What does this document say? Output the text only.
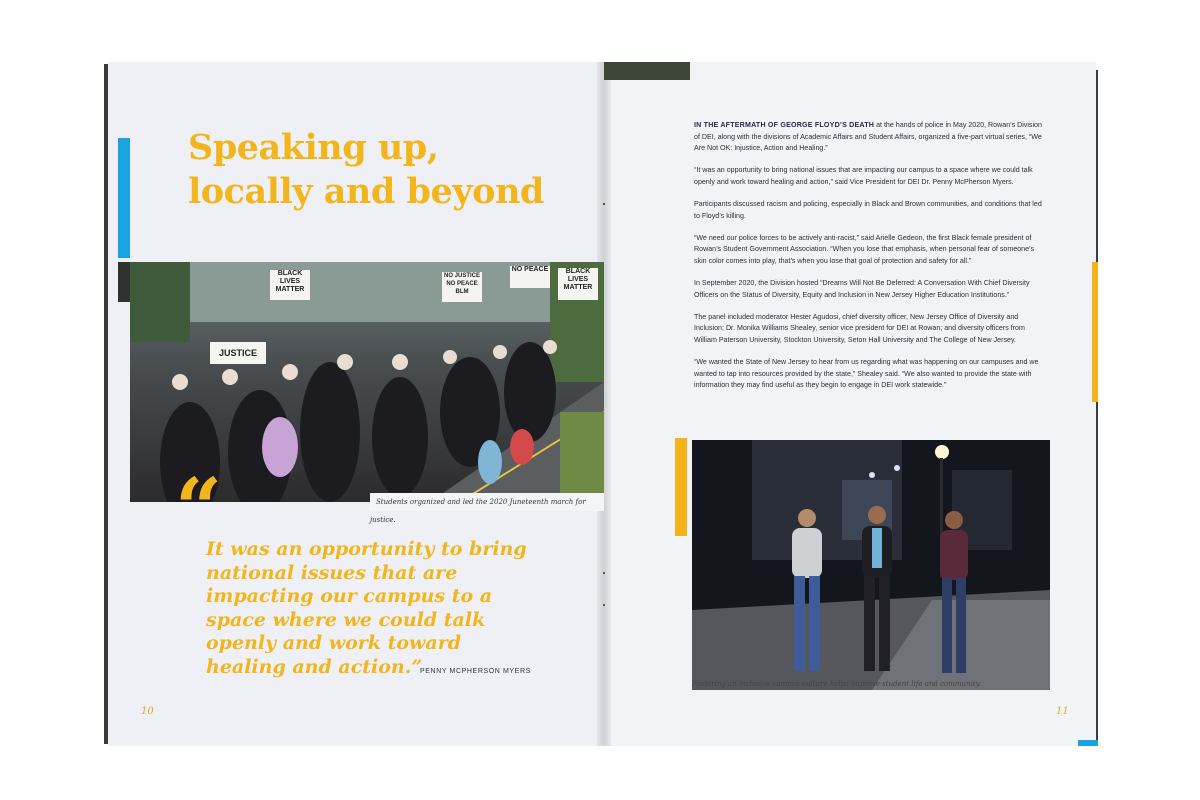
Speaking up,
locally and beyond
BLACK LIVES MATTER
JUSTICE
NO PEACE	BLACK LIVES MATTER
NO JUSTICE NO PEACE BLM
Students organized and led the 2020 Juneteenth march for justice.
“

It was an opportunity to bring national issues that are impacting our campus to a space where we could talk openly and work toward healing and action.”

PENNY MCPHERSON MYERS
10

IN THE AFTERMATH OF GEORGE FLOYD’S DEATH at the hands of police in May 2020, Rowan’s Division of DEI, along with the divisions of Academic Affairs and Student Affairs, organized a five-part virtual series, “We Are Not OK: Injustice, Action and Healing.”

“It was an opportunity to bring national issues that are impacting our campus to a space where we could talk openly and work toward healing and action,” said Vice President for DEI Dr. Penny McPherson Myers.

Participants discussed racism and policing, especially in Black and Brown communities, and conditions that led to Floyd’s killing.

“We need our police forces to be actively anti-racist,” said Arielle Gedeon, the first Black female president of Rowan’s Student Government Association. “When you lose that emphasis, when personal fear of someone’s skin color comes into play, that’s when you lose that goal of protection and safety for all.”

In September 2020, the Division hosted “Dreams Will Not Be Deferred: A Conversation With Chief Diversity Officers on the Status of Diversity, Equity and Inclusion in New Jersey Higher Education Institutions.”

The panel included moderator Hester Agudosi, chief diversity officer, New Jersey Office of Diversity and Inclusion; Dr. Monika Williams Shealey, senior vice president for DEI at Rowan; and diversity officers from William Paterson University, Stockton University, Seton Hall University and The College of New Jersey.

“We wanted the State of New Jersey to hear from us regarding what was happening on our campuses and we wanted to tap into resources provided by the state,” Shealey said. “We also wanted to provide the state with information they may find useful as they begin to engage in DEI work statewide.”

Fostering an inclusive campus culture helps improve student life and community.
11
